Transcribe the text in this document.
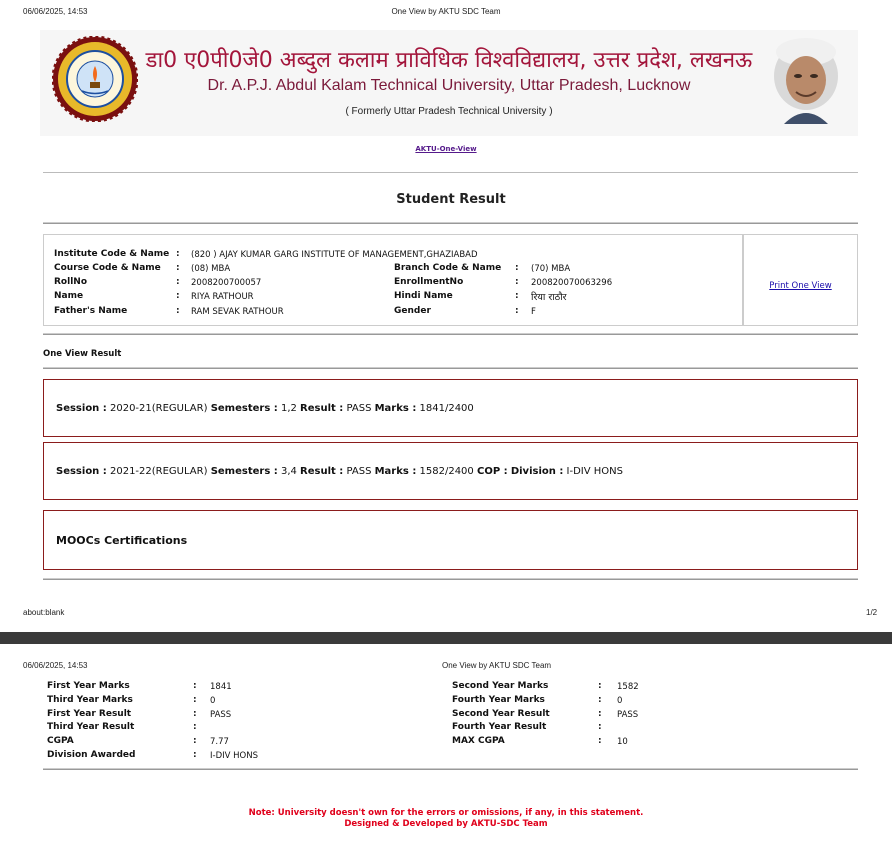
06/06/2025, 14:53	One View by AKTU SDC Team
डा0 ए0पी0जे0 अब्दुल कलाम प्राविधिक विश्वविद्यालय, उत्तर प्रदेश, लखनऊ
Dr. A.P.J. Abdul Kalam Technical University, Uttar Pradesh, Lucknow
( Formerly Uttar Pradesh Technical University )
AKTU-One-View
Student Result
Institute Code & Name : (820 ) AJAY KUMAR GARG INSTITUTE OF MANAGEMENT,GHAZIABAD
Course Code & Name : (08) MBA	Branch Code & Name : (70) MBA
RollNo	: 2008200700057	EnrollmentNo	: 200820070063296
Name	: RIYA RATHOUR	Hindi Name	: रिया राठौर
Father's Name	: RAM SEVAK RATHOUR	Gender	: F
Print One View
One View Result
Session : 2020-21(REGULAR) Semesters : 1,2 Result : PASS Marks : 1841/2400
Session : 2021-22(REGULAR) Semesters : 3,4 Result : PASS Marks : 1582/2400 COP : Division : I-DIV HONS
MOOCs Certifications
about:blank	1/2
06/06/2025, 14:53	One View by AKTU SDC Team
First Year Marks	: 1841	Second Year Marks	: 1582
Third Year Marks	: 0	Fourth Year Marks	: 0
First Year Result	: PASS	Second Year Result	: PASS
Third Year Result	:	Fourth Year Result	:
CGPA	: 7.77	MAX CGPA	: 10
Division Awarded	: I-DIV HONS
Note: University doesn't own for the errors or omissions, if any, in this statement.
Designed & Developed by AKTU-SDC Team
